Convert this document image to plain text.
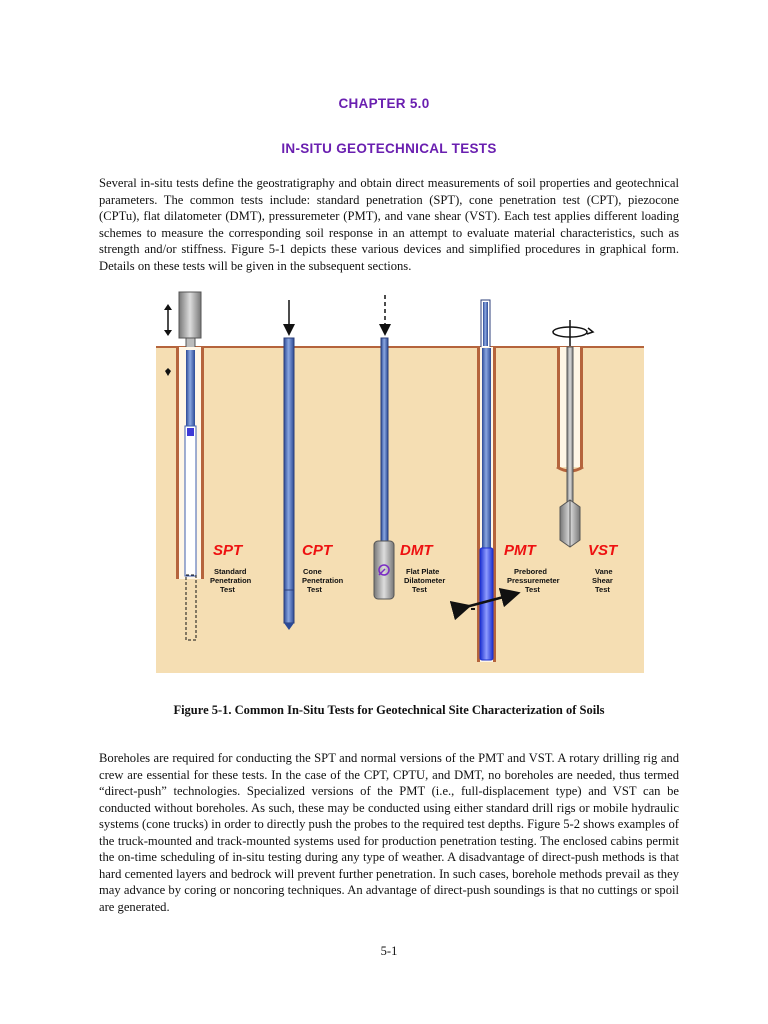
CHAPTER 5.0
IN-SITU GEOTECHNICAL TESTS
Several in-situ tests define the geostratigraphy and obtain direct measurements of soil properties and geotechnical parameters. The common tests include: standard penetration (SPT), cone penetration test (CPT), piezocone (CPTu), flat dilatometer (DMT), pressuremeter (PMT), and vane shear (VST). Each test applies different loading schemes to measure the corresponding soil response in an attempt to evaluate material characteristics, such as strength and/or stiffness. Figure 5-1 depicts these various devices and simplified procedures in graphical form. Details on these tests will be given in the subsequent sections.
SPT
Standard
Penetration
Test
CPT
Cone
Penetration
Test
DMT
Flat Plate
Dilatometer
Test
PMT
Prebored
Pressuremeter
Test
VST
Vane
Shear
Test
Figure 5-1. Common In-Situ Tests for Geotechnical Site Characterization of Soils
Boreholes are required for conducting the SPT and normal versions of the PMT and VST. A rotary drilling rig and crew are essential for these tests. In the case of the CPT, CPTU, and DMT, no boreholes are needed, thus termed “direct-push” technologies. Specialized versions of the PMT (i.e., full-displacement type) and VST can be conducted without boreholes. As such, these may be conducted using either standard drill rigs or mobile hydraulic systems (cone trucks) in order to directly push the probes to the required test depths. Figure 5-2 shows examples of the truck-mounted and track-mounted systems used for production penetration testing. The enclosed cabins permit the on-time scheduling of in-situ testing during any type of weather. A disadvantage of direct-push methods is that hard cemented layers and bedrock will prevent further penetration. In such cases, borehole methods prevail as they may advance by coring or noncoring techniques. An advantage of direct-push soundings is that no cuttings or spoil are generated.
5-1
